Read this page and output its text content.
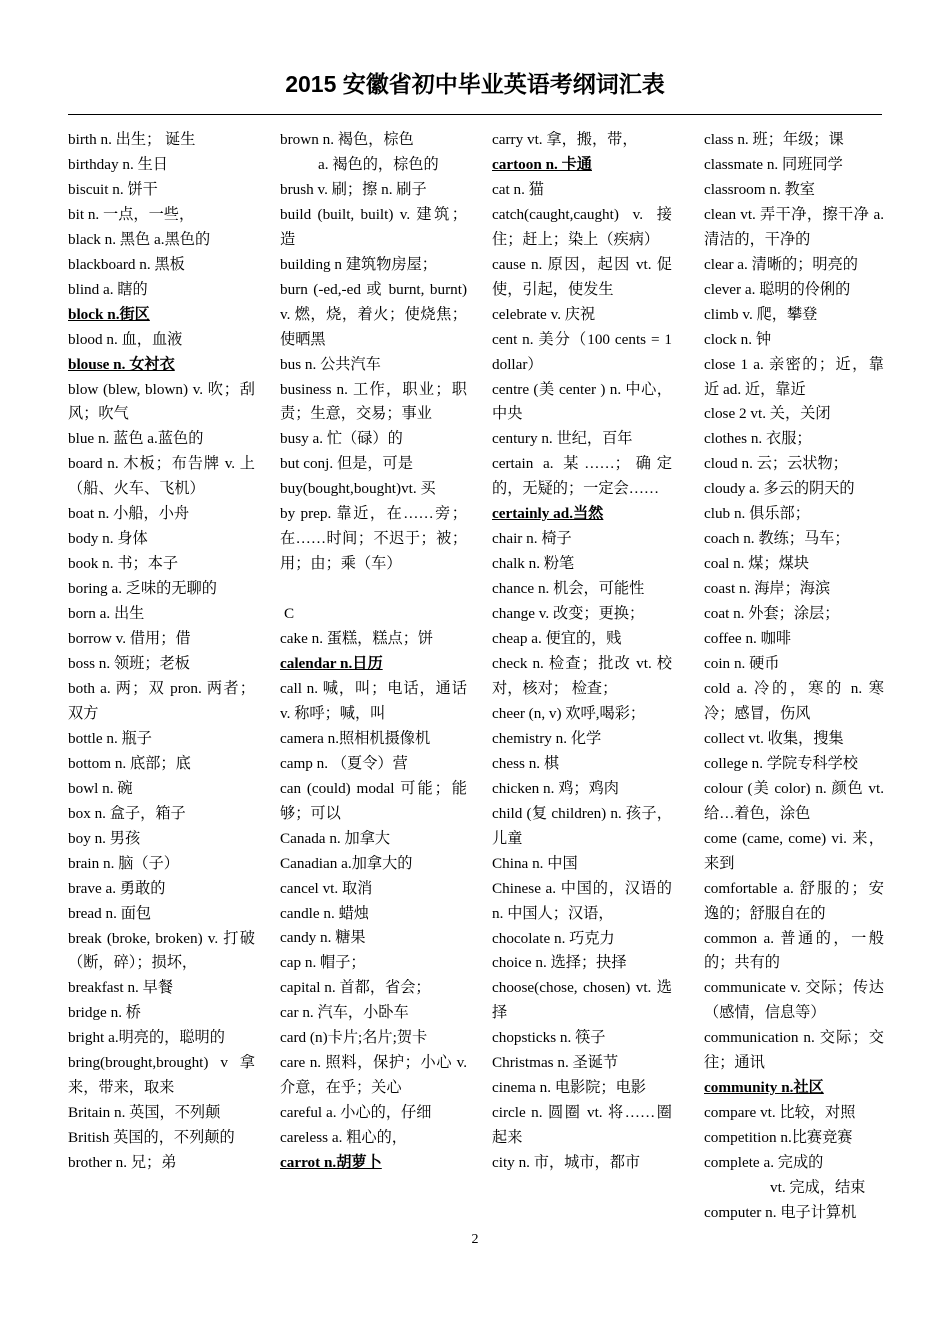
2015 安徽省初中毕业英语考纲词汇表
birth n. 出生； 诞生
birthday n. 生日
biscuit n. 饼干
bit n. 一点，一些，
black n. 黑色 a.黑色的
blackboard n. 黑板
blind a. 瞎的
block n.街区
blood n. 血，血液
blouse n. 女衬衣
blow (blew, blown) v. 吹；刮风；吹气
blue n. 蓝色 a.蓝色的
board n. 木板；布告牌 v. 上（船、火车、飞机）
boat n. 小船，小舟
body n. 身体
book n. 书；本子
boring a. 乏味的无聊的
born a. 出生
borrow v. 借用；借
boss n. 领班；老板
both a. 两；双 pron. 两者；双方
bottle n. 瓶子
bottom n. 底部；底
bowl n. 碗
box n. 盒子，箱子
boy n. 男孩
brain n. 脑（子）
brave a. 勇敢的
bread n. 面包
break (broke, broken) v. 打破（断，碎）；损坏，
breakfast n. 早餐
bridge n. 桥
bright a.明亮的，聪明的
bring(brought,brought) v 拿来，带来，取来
Britain n. 英国，不列颠
British 英国的，不列颠的
brother n. 兄；弟
brown n. 褐色，棕色
a. 褐色的，棕色的
brush v. 刷；擦 n. 刷子
build (built, built) v. 建筑；造
building n 建筑物房屋；
burn (-ed,-ed 或 burnt, burnt) v. 燃，烧，着火；使烧焦；使晒黑
bus n. 公共汽车
business n. 工作，职业；职责；生意，交易；事业
busy a. 忙（碌）的
but conj. 但是，可是
buy(bought,bought)vt. 买
by prep. 靠近，在……旁；在……时间；不迟于；被；用；由；乘（车）
C
cake n. 蛋糕，糕点；饼
calendar n.日历
call n. 喊，叫；电话，通话 v. 称呼；喊，叫
camera n.照相机摄像机
camp n. （夏令）营
can (could) modal 可能；能够；可以
Canada n. 加拿大
Canadian a.加拿大的
cancel vt. 取消
candle n. 蜡烛
candy n. 糖果
cap n. 帽子；
capital n. 首都，省会；
car n. 汽车，小卧车
card (n)卡片;名片;贺卡
care n. 照料，保护；小心 v. 介意，在乎；关心
careful a. 小心的，仔细
careless a. 粗心的，
carrot n.胡萝卜
carry vt. 拿，搬，带，
cartoon n. 卡通
cat n. 猫
catch(caught,caught) v. 接住；赶上；染上（疾病）
cause n. 原因，起因 vt. 促使，引起，使发生
celebrate v. 庆祝
cent n. 美分（100 cents = 1 dollar）
centre (美 center ) n. 中心，中央
century n. 世纪，百年
certain a. 某……；确定的，无疑的；一定会……
certainly ad.当然
chair n. 椅子
chalk n. 粉笔
chance n. 机会，可能性
change v. 改变；更换；
cheap a. 便宜的，贱
check n. 检查；批改 vt. 校对，核对； 检查；
cheer (n, v) 欢呼,喝彩；
chemistry n. 化学
chess n. 棋
chicken n. 鸡；鸡肉
child (复 children) n. 孩子，儿童
China n. 中国
Chinese a. 中国的，汉语的 n. 中国人；汉语，
chocolate n. 巧克力
choice n. 选择；抉择
choose(chose, chosen) vt. 选择
chopsticks n. 筷子
Christmas n. 圣诞节
cinema n. 电影院；电影
circle n. 圆圈 vt. 将……圈起来
city n. 市，城市，都市
class n. 班；年级；课
classmate n. 同班同学
classroom n. 教室
clean vt. 弄干净，擦干净 a. 清洁的，干净的
clear a. 清晰的；明亮的
clever a. 聪明的伶俐的
climb v. 爬，攀登
clock n. 钟
close 1 a. 亲密的；近，靠近 ad. 近，靠近
close 2 vt. 关，关闭
clothes n. 衣服；
cloud n. 云；云状物；
cloudy a. 多云的阴天的
club n. 俱乐部；
coach n. 教练；马车；
coal n. 煤；煤块
coast n. 海岸；海滨
coat n. 外套；涂层；
coffee n. 咖啡
coin n. 硬币
cold a. 冷的，寒的 n. 寒冷；感冒，伤风
collect vt. 收集，搜集
college n. 学院专科学校
colour (美 color) n. 颜色 vt. 给…着色，涂色
come (came, come) vi. 来，来到
comfortable a. 舒服的；安逸的；舒服自在的
common a. 普通的，一般的；共有的
communicate v. 交际；传达（感情，信息等）
communication n. 交际；交往；通讯
community n.社区
compare vt. 比较，对照
competition n.比赛竞赛
complete a. 完成的
vt. 完成，结束
computer n. 电子计算机
2
